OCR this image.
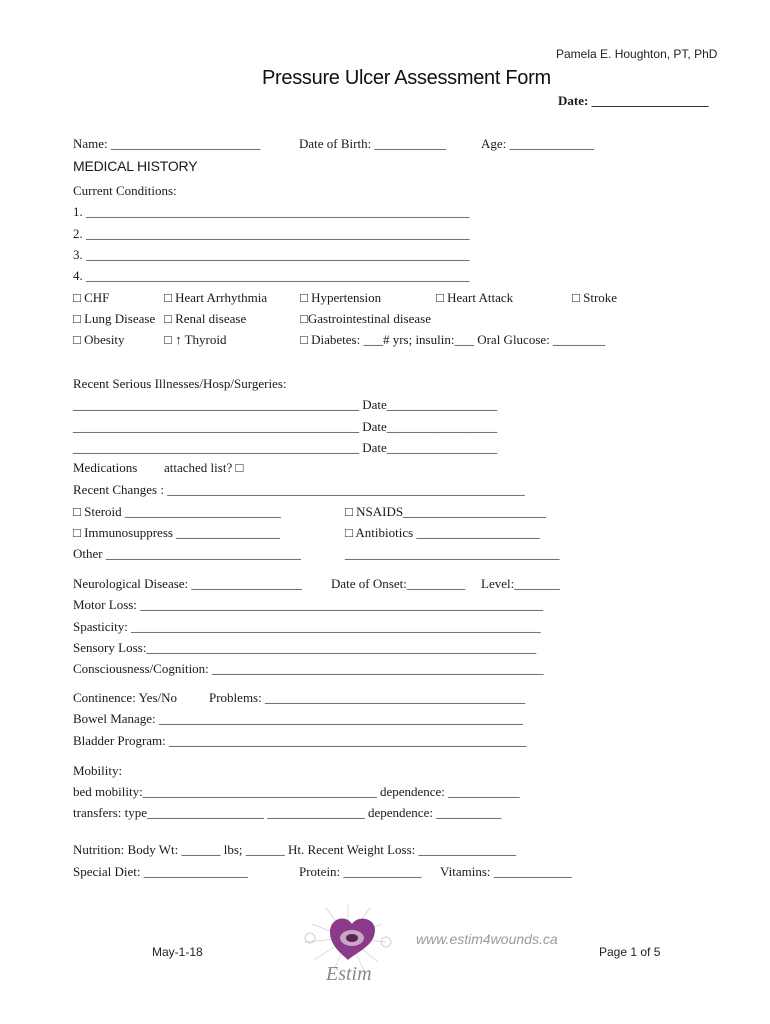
Pamela E. Houghton, PT, PhD
Pressure Ulcer Assessment Form
Date: __________________
Name: _______________________	Date of Birth: ___________	Age: _____________
MEDICAL HISTORY
Current Conditions:
1. ___________________________________________________________
2. ___________________________________________________________
3. ___________________________________________________________
4. ___________________________________________________________
□ CHF	□ Heart Arrhythmia	□ Hypertension	□ Heart Attack	□ Stroke
□ Lung Disease □ Renal disease	□Gastrointestinal disease
□ Obesity	□ ↑ Thyroid	□ Diabetes: ___# yrs; insulin:___ Oral Glucose: ________
Recent Serious Illnesses/Hosp/Surgeries:
____________________________________________ Date_________________
____________________________________________ Date_________________
____________________________________________ Date_________________
Medications attached list? □
Recent Changes : _______________________________________________________
□ Steroid ________________________	□ NSAIDS______________________
□ Immunosuppress ________________	□ Antibiotics ___________________
Other ______________________________	_________________________________
Neurological Disease: _________________ Date of Onset:_________ Level:_______
Motor Loss: ______________________________________________________________
Spasticity: _______________________________________________________________
Sensory Loss:____________________________________________________________
Consciousness/Cognition: ___________________________________________________
Continence: Yes/No Problems: ________________________________________
Bowel Manage: ________________________________________________________
Bladder Program: _______________________________________________________
Mobility:
bed mobility:____________________________________ dependence: ___________
transfers: type__________________ _______________ dependence: __________
Nutrition: Body Wt: ______ lbs; ______ Ht. Recent Weight Loss: _______________
Special Diet: ________________	Protein: ____________ Vitamins: ____________
May-1-18	Page 1 of 5
www.estim4wounds.ca
Estim
